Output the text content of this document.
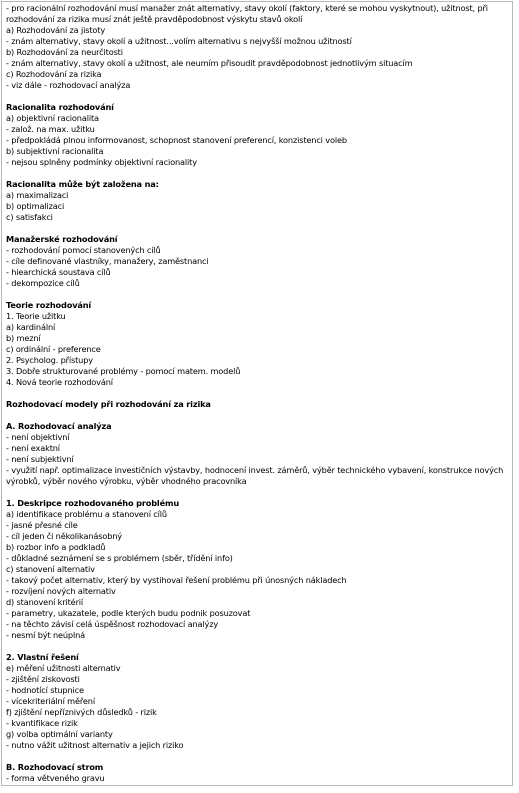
- pro racionální rozhodování musí manažer znát alternativy, stavy okolí (faktory, které se mohou vyskytnout), užitnost, při rozhodování za rizika musí znát ještě pravděpodobnost výskytu stavů okolí
a) Rozhodování za jistoty
- znám alternativy, stavy okolí a užitnost...volím alternativu s nejvyšší možnou užitností
b) Rozhodování za neurčitosti
- znám alternativy, stavy okolí a užitnost, ale neumím přisoudit pravděpodobnost jednotlivým situacím
c) Rozhodování za rizika
- viz dále - rozhodovací analýza
Racionalita rozhodování
a) objektivní racionalita
- založ. na max. užitku
- předpokládá plnou informovanost, schopnost stanovení preferencí, konzistenci voleb
b) subjektivní racionalita
- nejsou splněny podmínky objektivní racionality
Racionalita může být založena na:
a) maximalizaci
b) optimalizaci
c) satisfakci
Manažerské rozhodování
- rozhodování pomocí stanovených cílů
- cíle definované vlastníky, manažery, zaměstnanci
- hiearchická soustava cílů
- dekompozice cílů
Teorie rozhodování
1. Teorie užitku
a) kardinální
b) mezní
c) ordinální - preference
2. Psycholog. přístupy
3. Dobře strukturované problémy - pomocí matem. modelů
4. Nová teorie rozhodování
Rozhodovací modely při rozhodování za rizika
A. Rozhodovací analýza
- není objektivní
- není exaktní
- není subjektivní
- využití např. optimalizace investičních výstavby, hodnocení invest. záměrů, výběr technického vybavení, konstrukce nových výrobků, výběr nového výrobku, výběr vhodného pracovníka
1. Deskripce rozhodovaného problému
a) identifikace problému a stanovení cílů
- jasné přesné cíle
- cíl jeden či několikanásobný
b) rozbor info a podkladů
- důkladné seznámení se s problémem (sběr, třídění info)
c) stanovení alternativ
- takový počet alternativ, který by vystihoval řešení problému při únosných nákladech
- rozvíjení nových alternativ
d) stanovení kritérií
- parametry, ukazatele, podle kterých budu podnik posuzovat
- na těchto závisí celá úspěšnost rozhodovací analýzy
- nesmí být neúplná
2. Vlastní řešení
e) měření užitnosti alternativ
- zjištění ziskovosti
- hodnotící stupnice
- vícekriteriální měření
f) zjištění nepříznivých důsledků - rizik
- kvantifikace rizik
g) volba optimální varianty
- nutno vážit užitnost alternativ a jejich riziko
B. Rozhodovací strom
- forma větveného gravu
